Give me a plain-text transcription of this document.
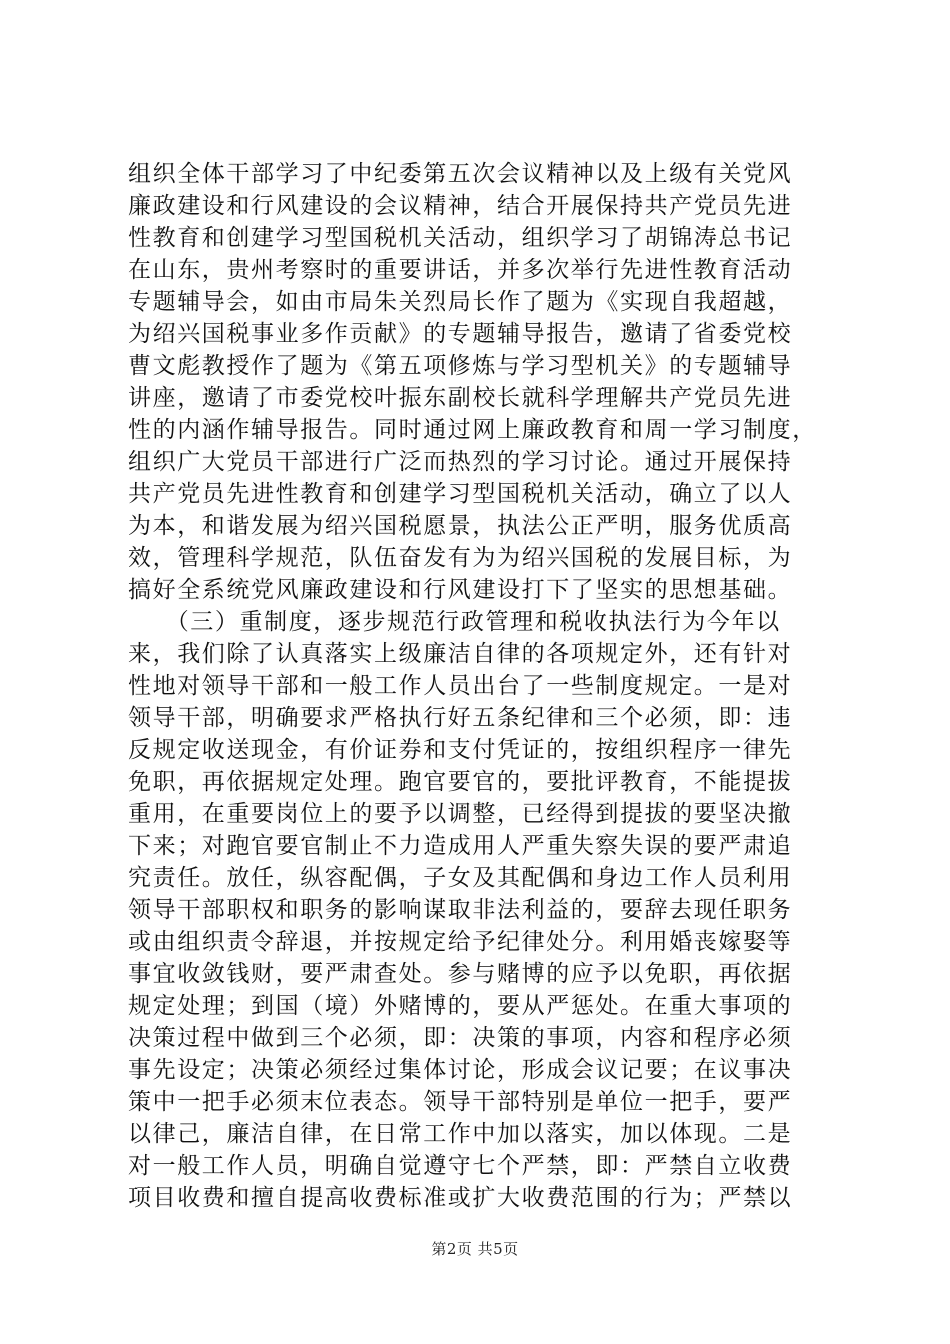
组织全体干部学习了中纪委第五次会议精神以及上级有关党风
廉政建设和行风建设的会议精神，结合开展保持共产党员先进
性教育和创建学习型国税机关活动，组织学习了胡锦涛总书记
在山东，贵州考察时的重要讲话，并多次举行先进性教育活动
专题辅导会，如由市局朱关烈局长作了题为《实现自我超越，
为绍兴国税事业多作贡献》的专题辅导报告，邀请了省委党校
曹文彪教授作了题为《第五项修炼与学习型机关》的专题辅导
讲座，邀请了市委党校叶振东副校长就科学理解共产党员先进
性的内涵作辅导报告。同时通过网上廉政教育和周一学习制度，
组织广大党员干部进行广泛而热烈的学习讨论。通过开展保持
共产党员先进性教育和创建学习型国税机关活动，确立了以人
为本，和谐发展为绍兴国税愿景，执法公正严明，服务优质高
效，管理科学规范，队伍奋发有为为绍兴国税的发展目标，为
搞好全系统党风廉政建设和行风建设打下了坚实的思想基础。
　　（三）重制度，逐步规范行政管理和税收执法行为今年以
来，我们除了认真落实上级廉洁自律的各项规定外，还有针对
性地对领导干部和一般工作人员出台了一些制度规定。一是对
领导干部，明确要求严格执行好五条纪律和三个必须，即：违
反规定收送现金，有价证券和支付凭证的，按组织程序一律先
免职，再依据规定处理。跑官要官的，要批评教育，不能提拔
重用，在重要岗位上的要予以调整，已经得到提拔的要坚决撤
下来；对跑官要官制止不力造成用人严重失察失误的要严肃追
究责任。放任，纵容配偶，子女及其配偶和身边工作人员利用
领导干部职权和职务的影响谋取非法利益的，要辞去现任职务
或由组织责令辞退，并按规定给予纪律处分。利用婚丧嫁娶等
事宜收敛钱财，要严肃查处。参与赌博的应予以免职，再依据
规定处理；到国（境）外赌博的，要从严惩处。在重大事项的
决策过程中做到三个必须，即：决策的事项，内容和程序必须
事先设定；决策必须经过集体讨论，形成会议记要；在议事决
策中一把手必须末位表态。领导干部特别是单位一把手，要严
以律己，廉洁自律，在日常工作中加以落实，加以体现。二是
对一般工作人员，明确自觉遵守七个严禁，即：严禁自立收费
项目收费和擅自提高收费标准或扩大收费范围的行为；严禁以
第2页 共5页
